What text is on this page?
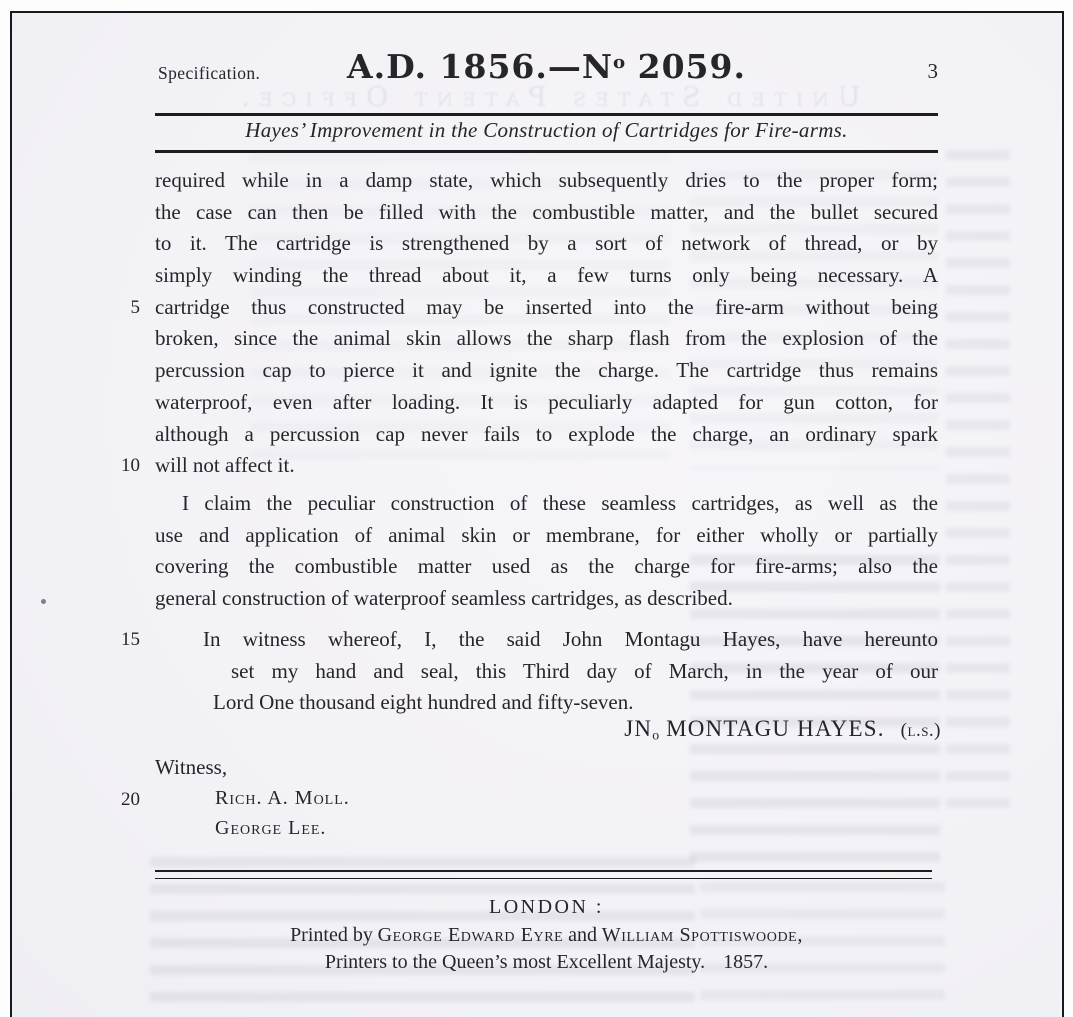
United States Patent Office.
Specification.	A.D. $1856.—N^o$ 2059.	3
Hayes’ Improvement in the Construction of Cartridges for Fire-arms.
5
10
15
20
required while in a damp state, which subsequently dries to the proper form;
the case can then be filled with the combustible matter, and the bullet secured
to it. The cartridge is strengthened by a sort of network of thread, or by
simply winding the thread about it, a few turns only being necessary. A
cartridge thus constructed may be inserted into the fire-arm without being
broken, since the animal skin allows the sharp flash from the explosion of the
percussion cap to pierce it and ignite the charge. The cartridge thus remains
waterproof, even after loading. It is peculiarly adapted for gun cotton, for
although a percussion cap never fails to explode the charge, an ordinary spark
will not affect it.
I claim the peculiar construction of these seamless cartridges, as well as the
use and application of animal skin or membrane, for either wholly or partially
covering the combustible matter used as the charge for fire-arms; also the
general construction of waterproof seamless cartridges, as described.
In witness whereof, I, the said John Montagu Hayes, have hereunto
set my hand and seal, this Third day of March, in the year of our
Lord One thousand eight hundred and fifty-seven.
JNo MONTAGU HAYES. (l.s.)
Witness,
Rich. A. Moll.
George Lee.
LONDON :
Printed by George Edward Eyre and William Spottiswoode,
Printers to the Queen’s most Excellent Majesty. 1857.
